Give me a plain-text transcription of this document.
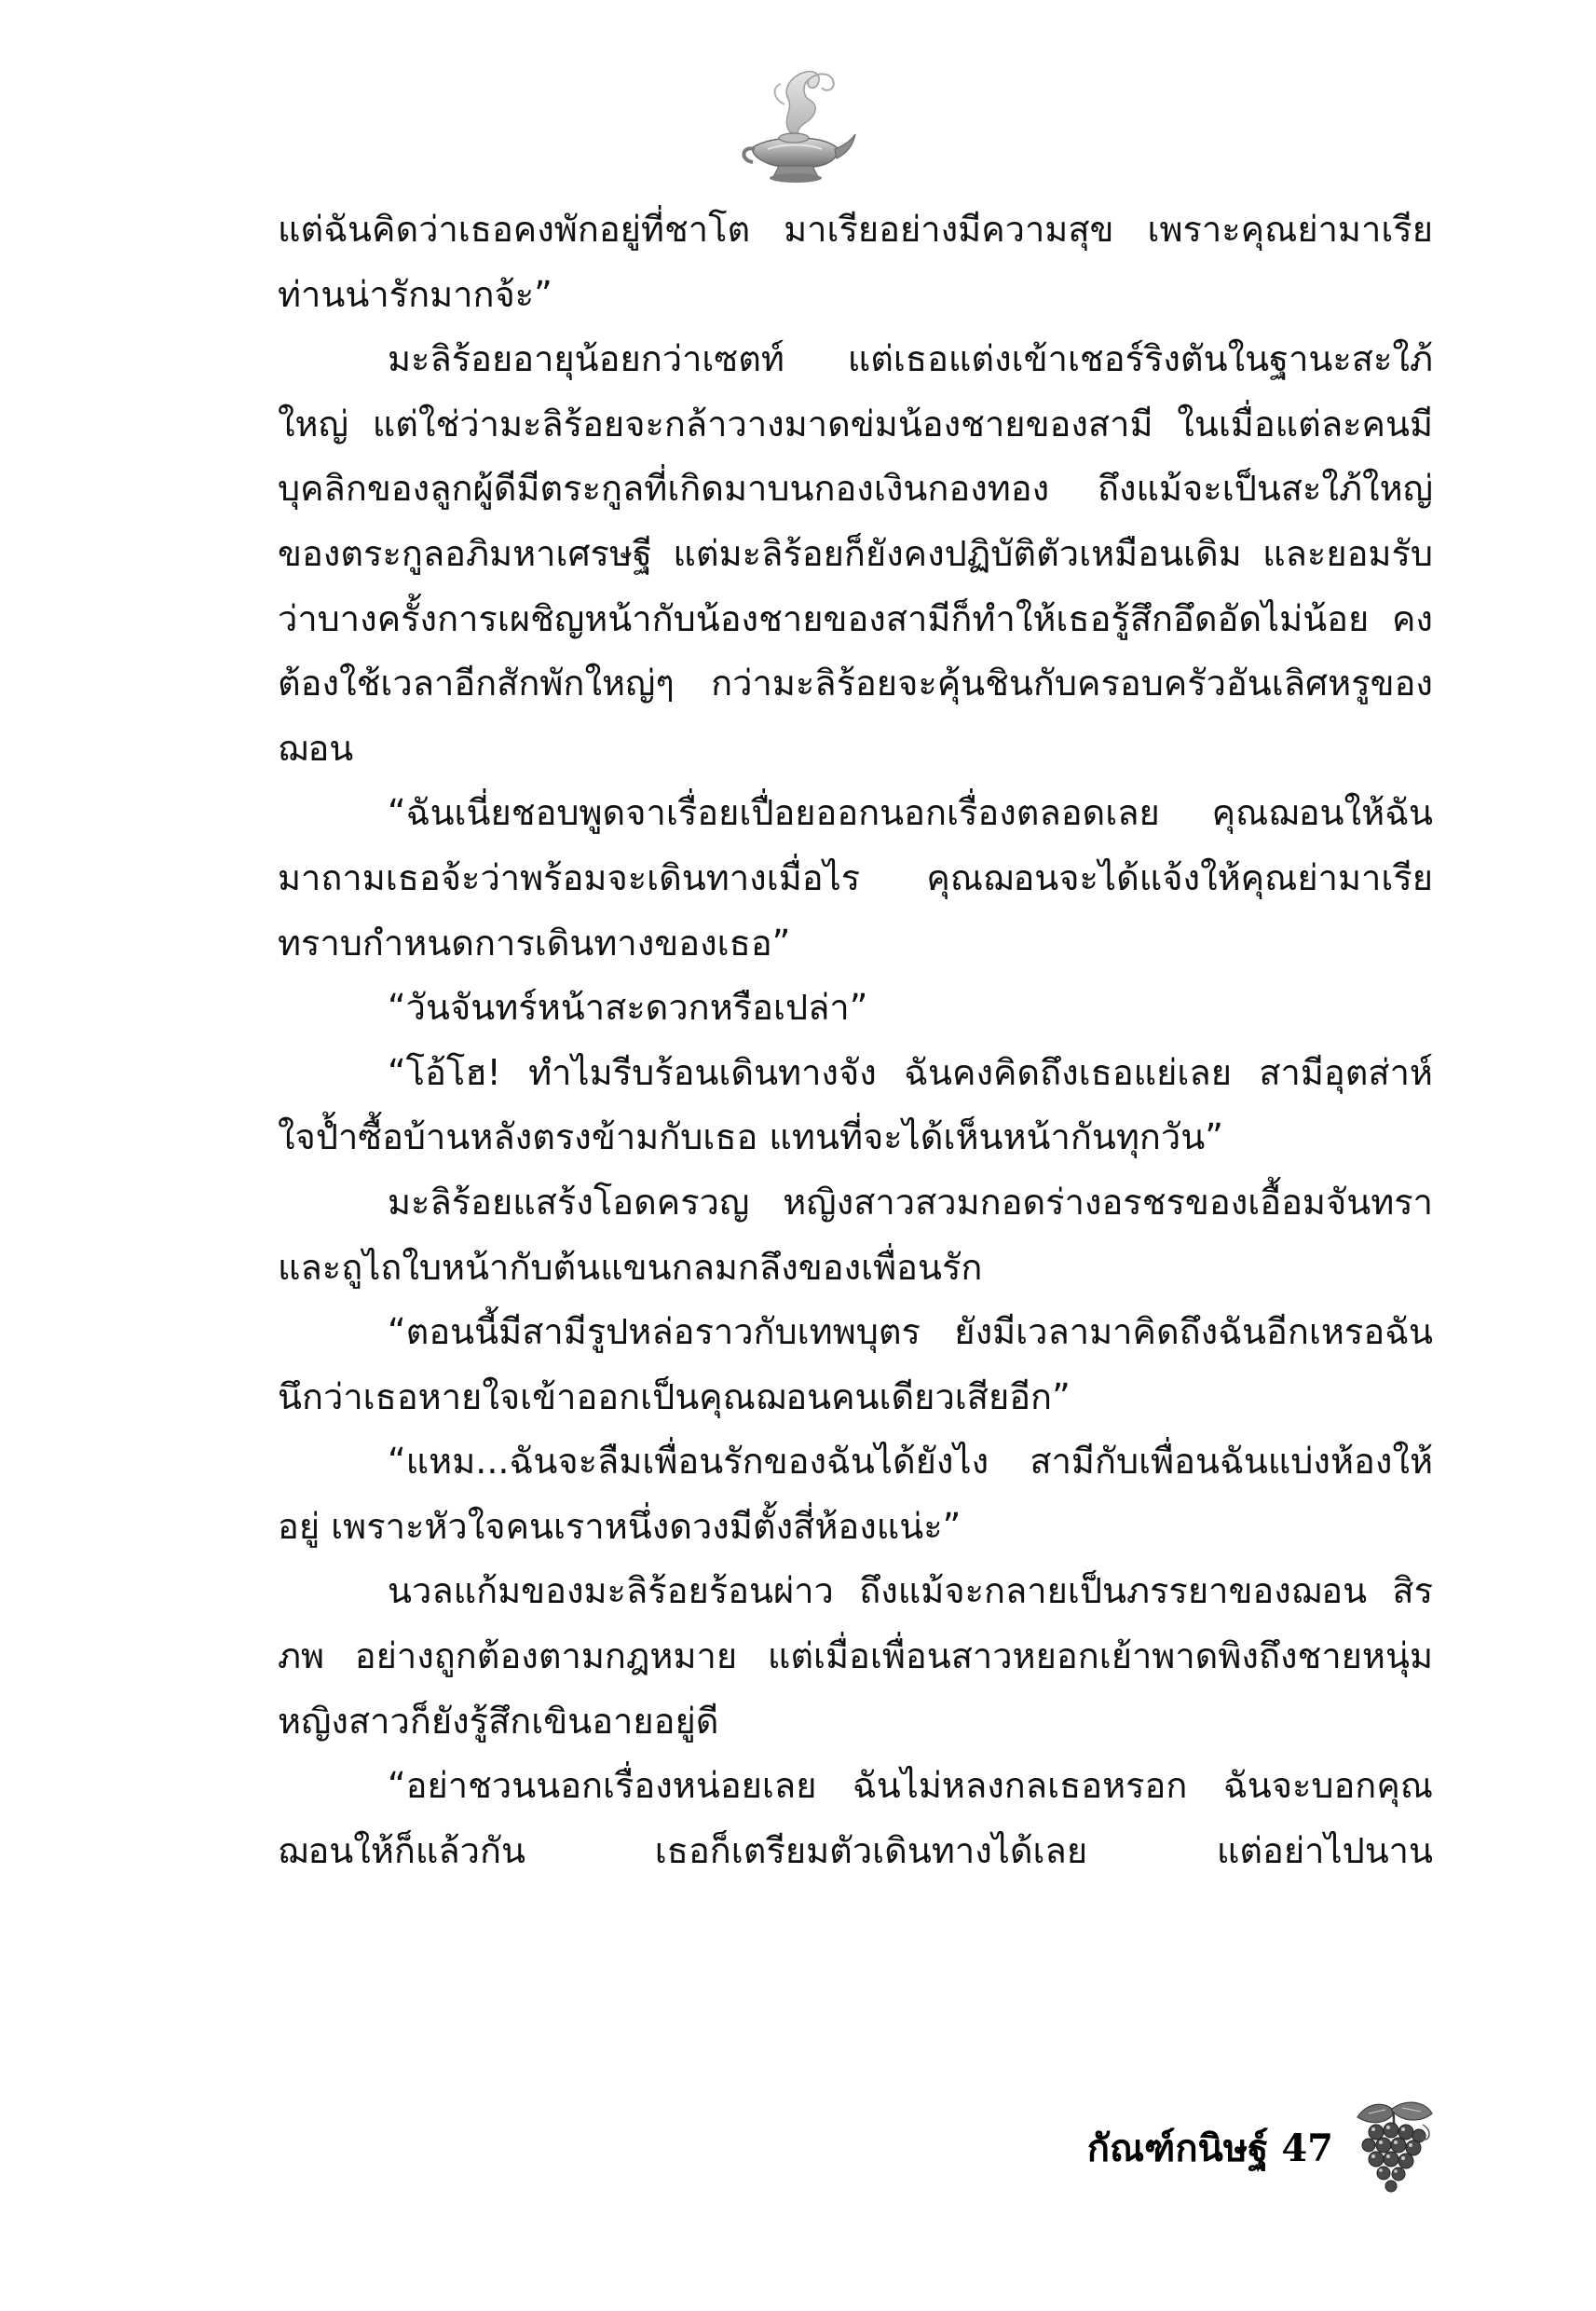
แต่ฉันคิดว่าเธอคงพักอยู่ที่ชาโต มาเรียอย่างมีความสุข เพราะคุณย่ามาเรียท่านน่ารักมากจ้ะ”

มะลิร้อยอายุน้อยกว่าเซตท์ แต่เธอแต่งเข้าเชอร์ริงตันในฐานะสะใภ้ใหญ่ แต่ใช่ว่ามะลิร้อยจะกล้าวางมาดข่มน้องชายของสามี ในเมื่อแต่ละคนมีบุคลิกของลูกผู้ดีมีตระกูลที่เกิดมาบนกองเงินกองทอง ถึงแม้จะเป็นสะใภ้ใหญ่ของตระกูลอภิมหาเศรษฐี แต่มะลิร้อยก็ยังคงปฏิบัติตัวเหมือนเดิม และยอมรับว่าบางครั้งการเผชิญหน้ากับน้องชายของสามีก็ทำให้เธอรู้สึกอึดอัดไม่น้อย คงต้องใช้เวลาอีกสักพักใหญ่ๆ กว่ามะลิร้อยจะคุ้นชินกับครอบครัวอันเลิศหรูของฌอน

“ฉันเนี่ยชอบพูดจาเรื่อยเปื่อยออกนอกเรื่องตลอดเลย คุณฌอนให้ฉันมาถามเธอจ้ะว่าพร้อมจะเดินทางเมื่อไร คุณฌอนจะได้แจ้งให้คุณย่ามาเรียทราบกำหนดการเดินทางของเธอ”

“วันจันทร์หน้าสะดวกหรือเปล่า”

“โอ้โฮ! ทำไมรีบร้อนเดินทางจัง ฉันคงคิดถึงเธอแย่เลย สามีอุตส่าห์ใจป้ำซื้อบ้านหลังตรงข้ามกับเธอ แทนที่จะได้เห็นหน้ากันทุกวัน”

มะลิร้อยแสร้งโอดครวญ หญิงสาวสวมกอดร่างอรชรของเอื้อมจันทราและถูไถใบหน้ากับต้นแขนกลมกลึงของเพื่อนรัก

“ตอนนี้มีสามีรูปหล่อราวกับเทพบุตร ยังมีเวลามาคิดถึงฉันอีกเหรอฉันนึกว่าเธอหายใจเข้าออกเป็นคุณฌอนคนเดียวเสียอีก”

“แหม...ฉันจะลืมเพื่อนรักของฉันได้ยังไง สามีกับเพื่อนฉันแบ่งห้องให้อยู่ เพราะหัวใจคนเราหนึ่งดวงมีตั้งสี่ห้องแน่ะ”

นวลแก้มของมะลิร้อยร้อนผ่าว ถึงแม้จะกลายเป็นภรรยาของฌอน สิรภพ อย่างถูกต้องตามกฎหมาย แต่เมื่อเพื่อนสาวหยอกเย้าพาดพิงถึงชายหนุ่ม หญิงสาวก็ยังรู้สึกเขินอายอยู่ดี

“อย่าชวนนอกเรื่องหน่อยเลย ฉันไม่หลงกลเธอหรอก ฉันจะบอกคุณฌอนให้ก็แล้วกัน เธอก็เตรียมตัวเดินทางได้เลย แต่อย่าไปนาน

กัณฑ์กนิษฐ์ 47
